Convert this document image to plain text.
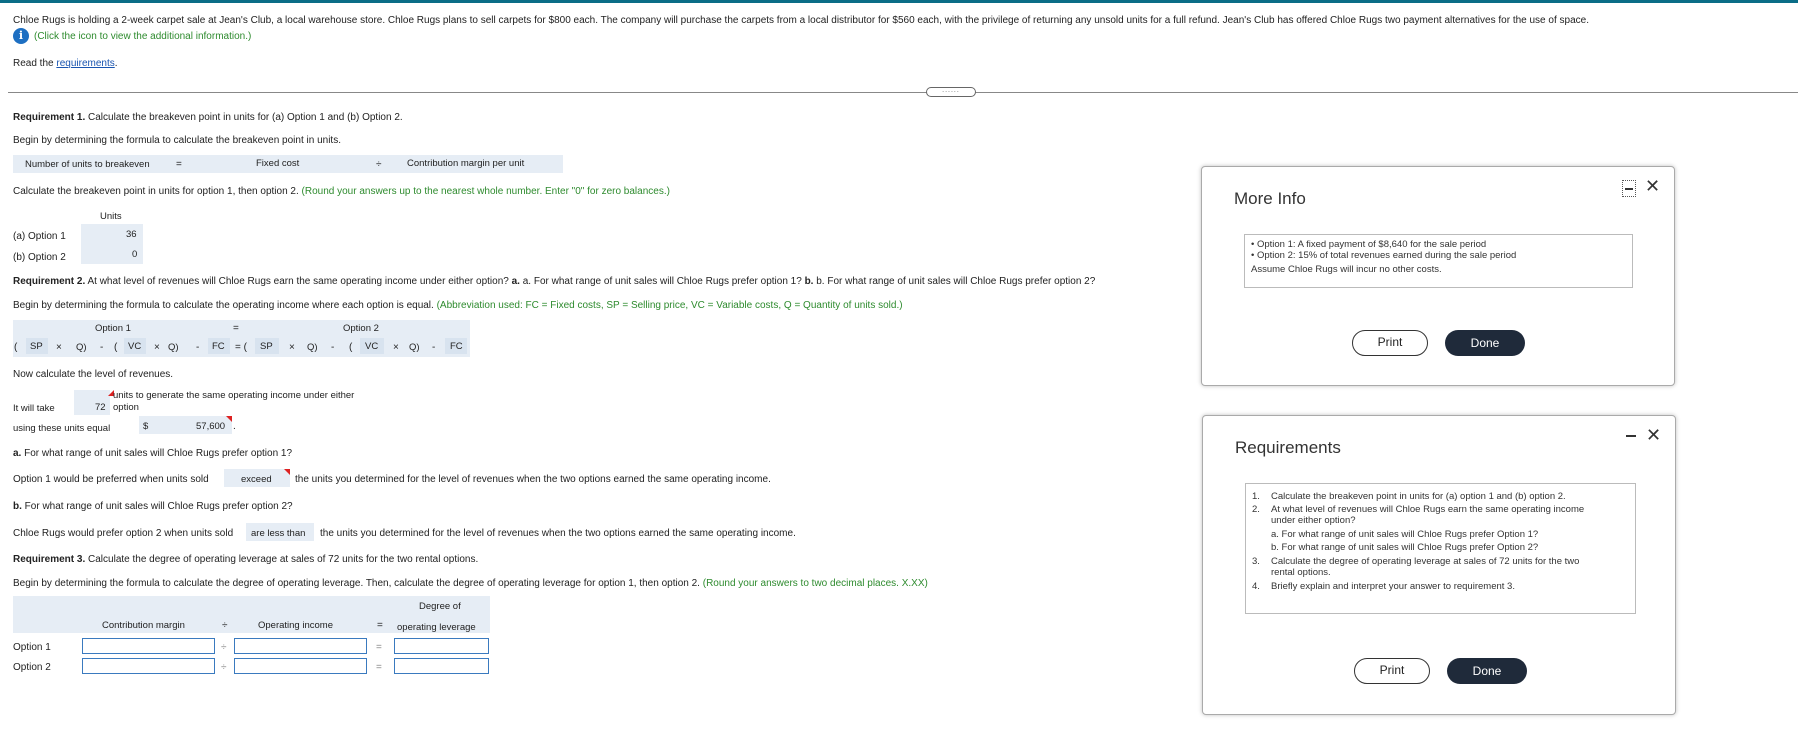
Chloe Rugs is holding a 2-week carpet sale at Jean's Club, a local warehouse store. Chloe Rugs plans to sell carpets for $800 each. The company will purchase the carpets from a local distributor for $560 each, with the privilege of returning any unsold units for a full refund. Jean's Club has offered Chloe Rugs two payment alternatives for the use of space.
i	(Click the icon to view the additional information.)
Read the requirements.
......
Requirement 1. Calculate the breakeven point in units for (a) Option 1 and (b) Option 2.
Begin by determining the formula to calculate the breakeven point in units.
Number of units to breakeven	=	Fixed cost	÷	Contribution margin per unit
Calculate the breakeven point in units for option 1, then option 2. (Round your answers up to the nearest whole number. Enter "0" for zero balances.)
Units
(a) Option 1	36
(b) Option 2	0
Requirement 2. At what level of revenues will Chloe Rugs earn the same operating income under either option? a. a. For what range of unit sales will Chloe Rugs prefer option 1? b. b. For what range of unit sales will Chloe Rugs prefer option 2?
Begin by determining the formula to calculate the operating income where each option is equal. (Abbreviation used: FC = Fixed costs, SP = Selling price, VC = Variable costs, Q = Quantity of units sold.)
Option 1	=	Option 2
( SP × Q) - ( VC × Q) - FC = ( SP × Q) - ( VC × Q) - FC
Now calculate the level of revenues.
It will take	72
units to generate the same operating income under either
option
using these units equal	$	57,600 .
a. For what range of unit sales will Chloe Rugs prefer option 1?
Option 1 would be preferred when units sold	exceed the units you determined for the level of revenues when the two options earned the same operating income.
b. For what range of unit sales will Chloe Rugs prefer option 2?
Chloe Rugs would prefer option 2 when units sold are less than the units you determined for the level of revenues when the two options earned the same operating income.
Requirement 3. Calculate the degree of operating leverage at sales of 72 units for the two rental options.
Begin by determining the formula to calculate the degree of operating leverage. Then, calculate the degree of operating leverage for option 1, then option 2. (Round your answers to two decimal places. X.XX)
Degree of
Contribution margin	÷	Operating income	= operating leverage
Option 1	÷	=
Option 2	÷	=
More Info
✕
• Option 1: A fixed payment of $8,640 for the sale period
• Option 2: 15% of total revenues earned during the sale period
Assume Chloe Rugs will incur no other costs.
Print	Done
Requirements
✕
1. Calculate the breakeven point in units for (a) option 1 and (b) option 2.
2. At what level of revenues will Chloe Rugs earn the same operating income
under either option?
a. For what range of unit sales will Chloe Rugs prefer Option 1?
b. For what range of unit sales will Chloe Rugs prefer Option 2?
3. Calculate the degree of operating leverage at sales of 72 units for the two
rental options.
4. Briefly explain and interpret your answer to requirement 3.
Print	Done
